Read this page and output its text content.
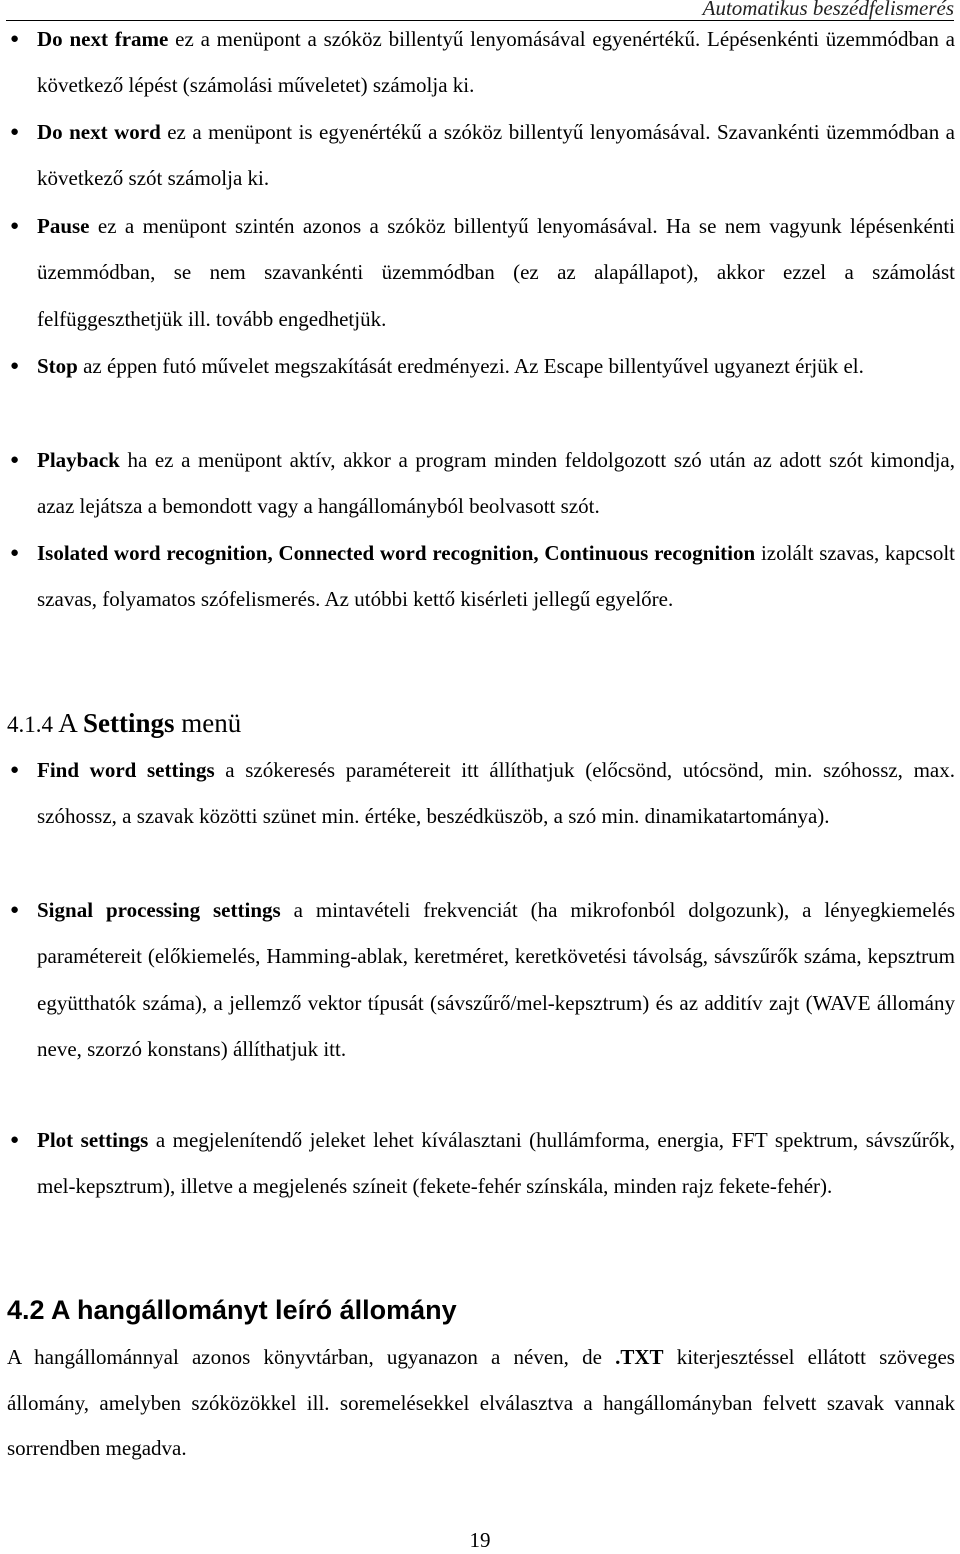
Automatikus beszédfelismerés
● Do next frame ez a menüpont a szóköz billentyű lenyomásával egyenértékű. Lépésenkénti üzemmódban a következő lépést (számolási műveletet) számolja ki.
● Do next word ez a menüpont is egyenértékű a szóköz billentyű lenyomásával. Szavankénti üzemmódban a következő szót számolja ki.
● Pause ez a menüpont szintén azonos a szóköz billentyű lenyomásával. Ha se nem vagyunk lépésenkénti üzemmódban, se nem szavankénti üzemmódban (ez az alapállapot), akkor ezzel a számolást felfüggeszthetjük ill. tovább engedhetjük.
● Stop az éppen futó művelet megszakítását eredményezi. Az Escape billentyűvel ugyanezt érjük el.
● Playback ha ez a menüpont aktív, akkor a program minden feldolgozott szó után az adott szót kimondja, azaz lejátsza a bemondott vagy a hangállományból beolvasott szót.
● Isolated word recognition, Connected word recognition, Continuous recognition izolált szavas, kapcsolt szavas, folyamatos szófelismerés. Az utóbbi kettő kisérleti jellegű egyelőre.
4.1.4 A Settings menü
● Find word settings a szókeresés paramétereit itt állíthatjuk (előcsönd, utócsönd, min. szóhossz, max. szóhossz, a szavak közötti szünet min. értéke, beszédküszöb, a szó min. dinamikatartománya).
● Signal processing settings a mintavételi frekvenciát (ha mikrofonból dolgozunk), a lényegkiemelés paramétereit (előkiemelés, Hamming-ablak, keretméret, keretkövetési távolság, sávszűrők száma, kepsztrum együtthatók száma), a jellemző vektor típusát (sávszűrő/mel-kepsztrum) és az additív zajt (WAVE állomány neve, szorzó konstans) állíthatjuk itt.
● Plot settings a megjelenítendő jeleket lehet kíválasztani (hullámforma, energia, FFT spektrum, sávszűrők, mel-kepsztrum), illetve a megjelenés színeit (fekete-fehér színskála, minden rajz fekete-fehér).
4.2 A hangállományt leíró állomány
A hangállománnyal azonos könyvtárban, ugyanazon a néven, de .TXT kiterjesztéssel ellátott szöveges állomány, amelyben szóközökkel ill. soremelésekkel elválasztva a hangállományban felvett szavak vannak sorrendben megadva.
19
